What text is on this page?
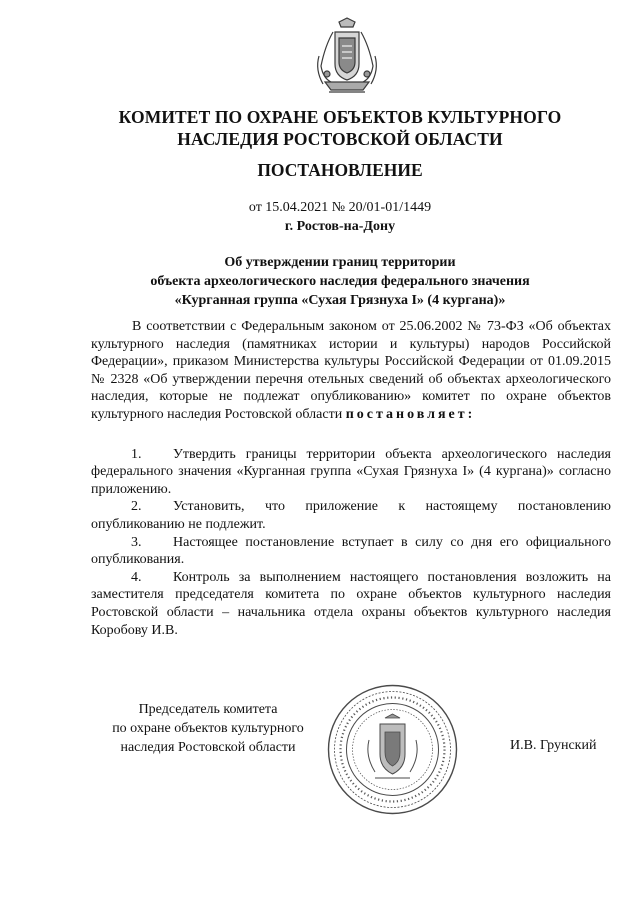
КОМИТЕТ ПО ОХРАНЕ ОБЪЕКТОВ КУЛЬТУРНОГО
НАСЛЕДИЯ РОСТОВСКОЙ ОБЛАСТИ
ПОСТАНОВЛЕНИЕ
от 15.04.2021 № 20/01-01/1449
г. Ростов-на-Дону
Об утверждении границ территории
объекта археологического наследия федерального значения
«Курганная группа «Сухая Грязнуха I» (4 кургана)»

В соответствии с Федеральным законом от 25.06.2002 № 73-ФЗ «Об объектах культурного наследия (памятниках истории и культуры) народов Российской Федерации», приказом Министерства культуры Российской Федерации от 01.09.2015 № 2328 «Об утверждении перечня отельных сведений об объектах археологического наследия, которые не подлежат опубликованию» комитет по охране объектов культурного наследия Ростовской области постановляет:

1. Утвердить границы территории объекта археологического наследия федерального значения «Курганная группа «Сухая Грязнуха I» (4 кургана)» согласно приложению.

2. Установить, что приложение к настоящему постановлению опубликованию не подлежит.

3. Настоящее постановление вступает в силу со дня его официального опубликования.

4. Контроль за выполнением настоящего постановления возложить на заместителя председателя комитета по охране объектов культурного наследия Ростовской области – начальника отдела охраны объектов культурного наследия Коробову И.В.

Председатель комитета
по охране объектов культурного
наследия Ростовской области	И.В. Грунский
